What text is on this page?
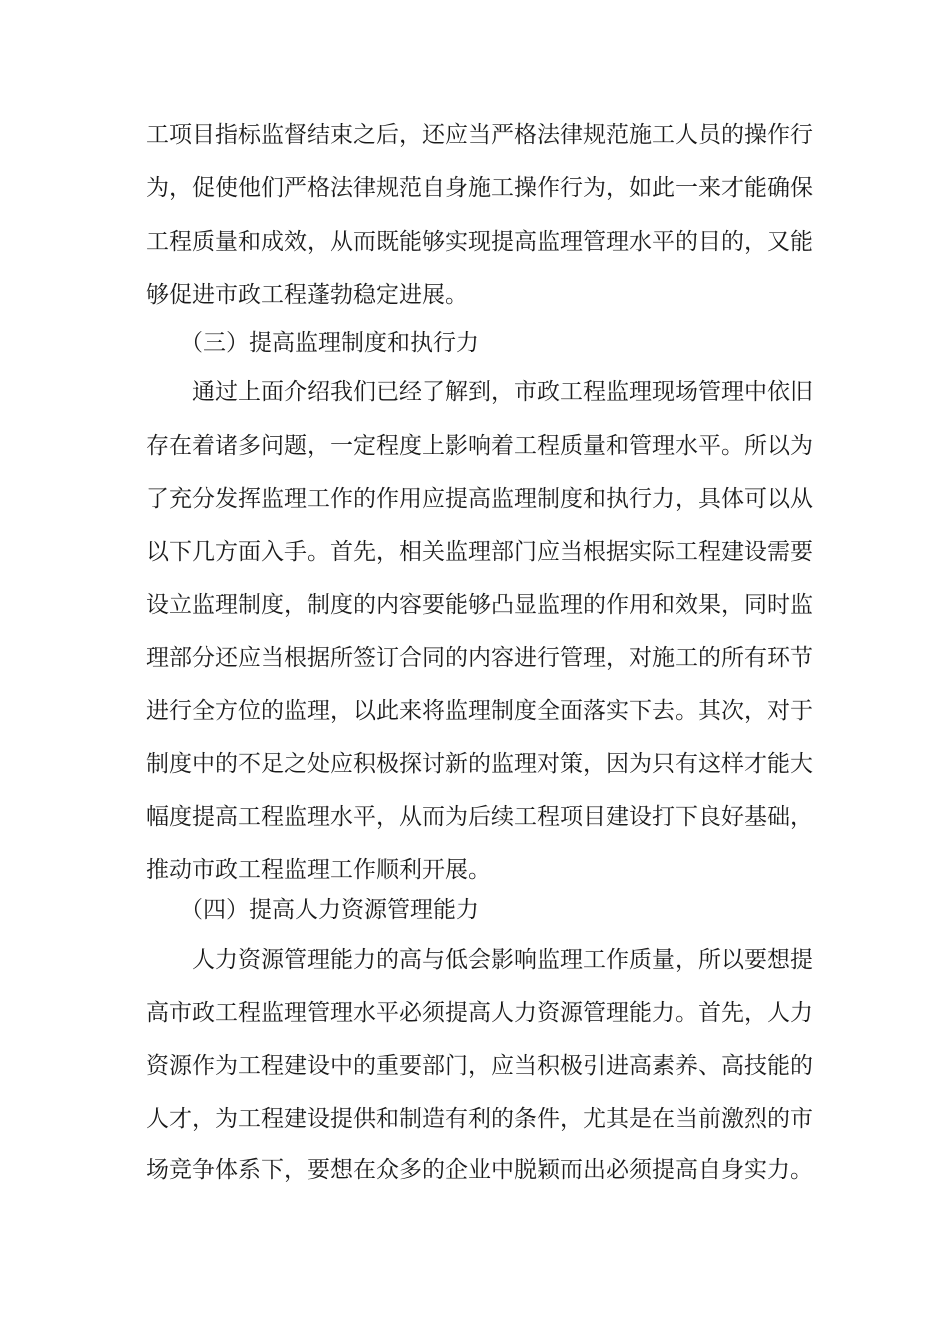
工项目指标监督结束之后，还应当严格法律规范施工人员的操作行
为，促使他们严格法律规范自身施工操作行为，如此一来才能确保
工程质量和成效，从而既能够实现提高监理管理水平的目的，又能
够促进市政工程蓬勃稳定进展。
（三）提高监理制度和执行力
通过上面介绍我们已经了解到，市政工程监理现场管理中依旧
存在着诸多问题，一定程度上影响着工程质量和管理水平。所以为
了充分发挥监理工作的作用应提高监理制度和执行力，具体可以从
以下几方面入手。首先，相关监理部门应当根据实际工程建设需要
设立监理制度，制度的内容要能够凸显监理的作用和效果，同时监
理部分还应当根据所签订合同的内容进行管理，对施工的所有环节
进行全方位的监理，以此来将监理制度全面落实下去。其次，对于
制度中的不足之处应积极探讨新的监理对策，因为只有这样才能大
幅度提高工程监理水平，从而为后续工程项目建设打下良好基础，
推动市政工程监理工作顺利开展。
（四）提高人力资源管理能力
人力资源管理能力的高与低会影响监理工作质量，所以要想提
高市政工程监理管理水平必须提高人力资源管理能力。首先，人力
资源作为工程建设中的重要部门，应当积极引进高素养、高技能的
人才，为工程建设提供和制造有利的条件，尤其是在当前激烈的市
场竞争体系下，要想在众多的企业中脱颖而出必须提高自身实力。
